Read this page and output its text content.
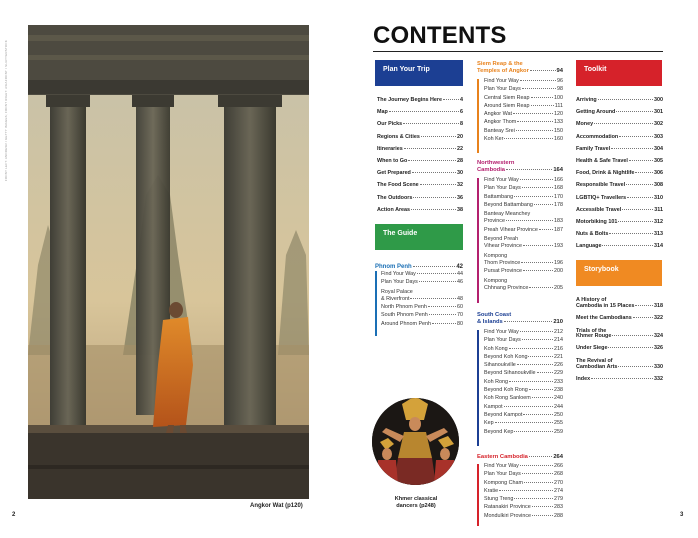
FRONT LEFT: ANDRESR / GETTY IMAGES; FRONT RIGHT: ASIAFRONT / SHUTTERSTOCK
Angkor Wat (p120)
2
CONTENTS
Plan Your Trip
The Journey Begins Here	4
Map	6
Our Picks	8
Regions & Cities	20
Itineraries	22
When to Go	28
Get Prepared	30
The Food Scene	32
The Outdoors	36
Action Areas	38
The Guide
Phnom Penh	42
Find Your Way	44
Plan Your Days	46
Royal Palace
& Riverfront	48
North Phnom Penh	60
South Phnom Penh	70
Around Phnom Penh	80
Khmer classical
dancers (p248)
Siem Reap & the
Temples of Angkor	94
Find Your Way	96
Plan Your Days	98
Central Siem Reap	100
Around Siem Reap	111
Angkor Wat	120
Angkor Thom	133
Banteay Srei	150
Koh Ker	160
Northwestern
Cambodia	164
Find Your Way	166
Plan Your Days	168
Battambang	170
Beyond Battambang	178
Banteay Meanchey
Province	183
Preah Vihear Province	187
Beyond Preah
Vihear Province	193
Kompong
Thom Province	196
Pursat Province	200
Kompong
Chhnang Province	205
South Coast
& Islands	210
Find Your Way	212
Plan Your Days	214
Koh Kong	216
Beyond Koh Kong	221
Sihanoukville	226
Beyond Sihanoukville	229
Koh Rong	233
Beyond Koh Rong	238
Koh Rong Sanloem	240
Kampot	244
Beyond Kampot	250
Kep	255
Beyond Kep	259
Eastern Cambodia	264
Find Your Way	266
Plan Your Days	268
Kompong Cham	270
Kratie	274
Stung Treng	279
Ratanakiri Province	283
Mondulkiri Province	288
Toolkit
Arriving	300
Getting Around	301
Money	302
Accommodation	303
Family Travel	304
Health & Safe Travel	305
Food, Drink & Nightlife	306
Responsible Travel	308
LGBTIQ+ Travellers	310
Accessible Travel	311
Motorbiking 101	312
Nuts & Bolts	313
Language	314
Storybook
A History of
Cambodia in 15 Places	318
Meet the Cambodians	322
Trials of the
Khmer Rouge	324
Under Siege	326
The Revival of
Cambodian Arts	330
Index	332
3
